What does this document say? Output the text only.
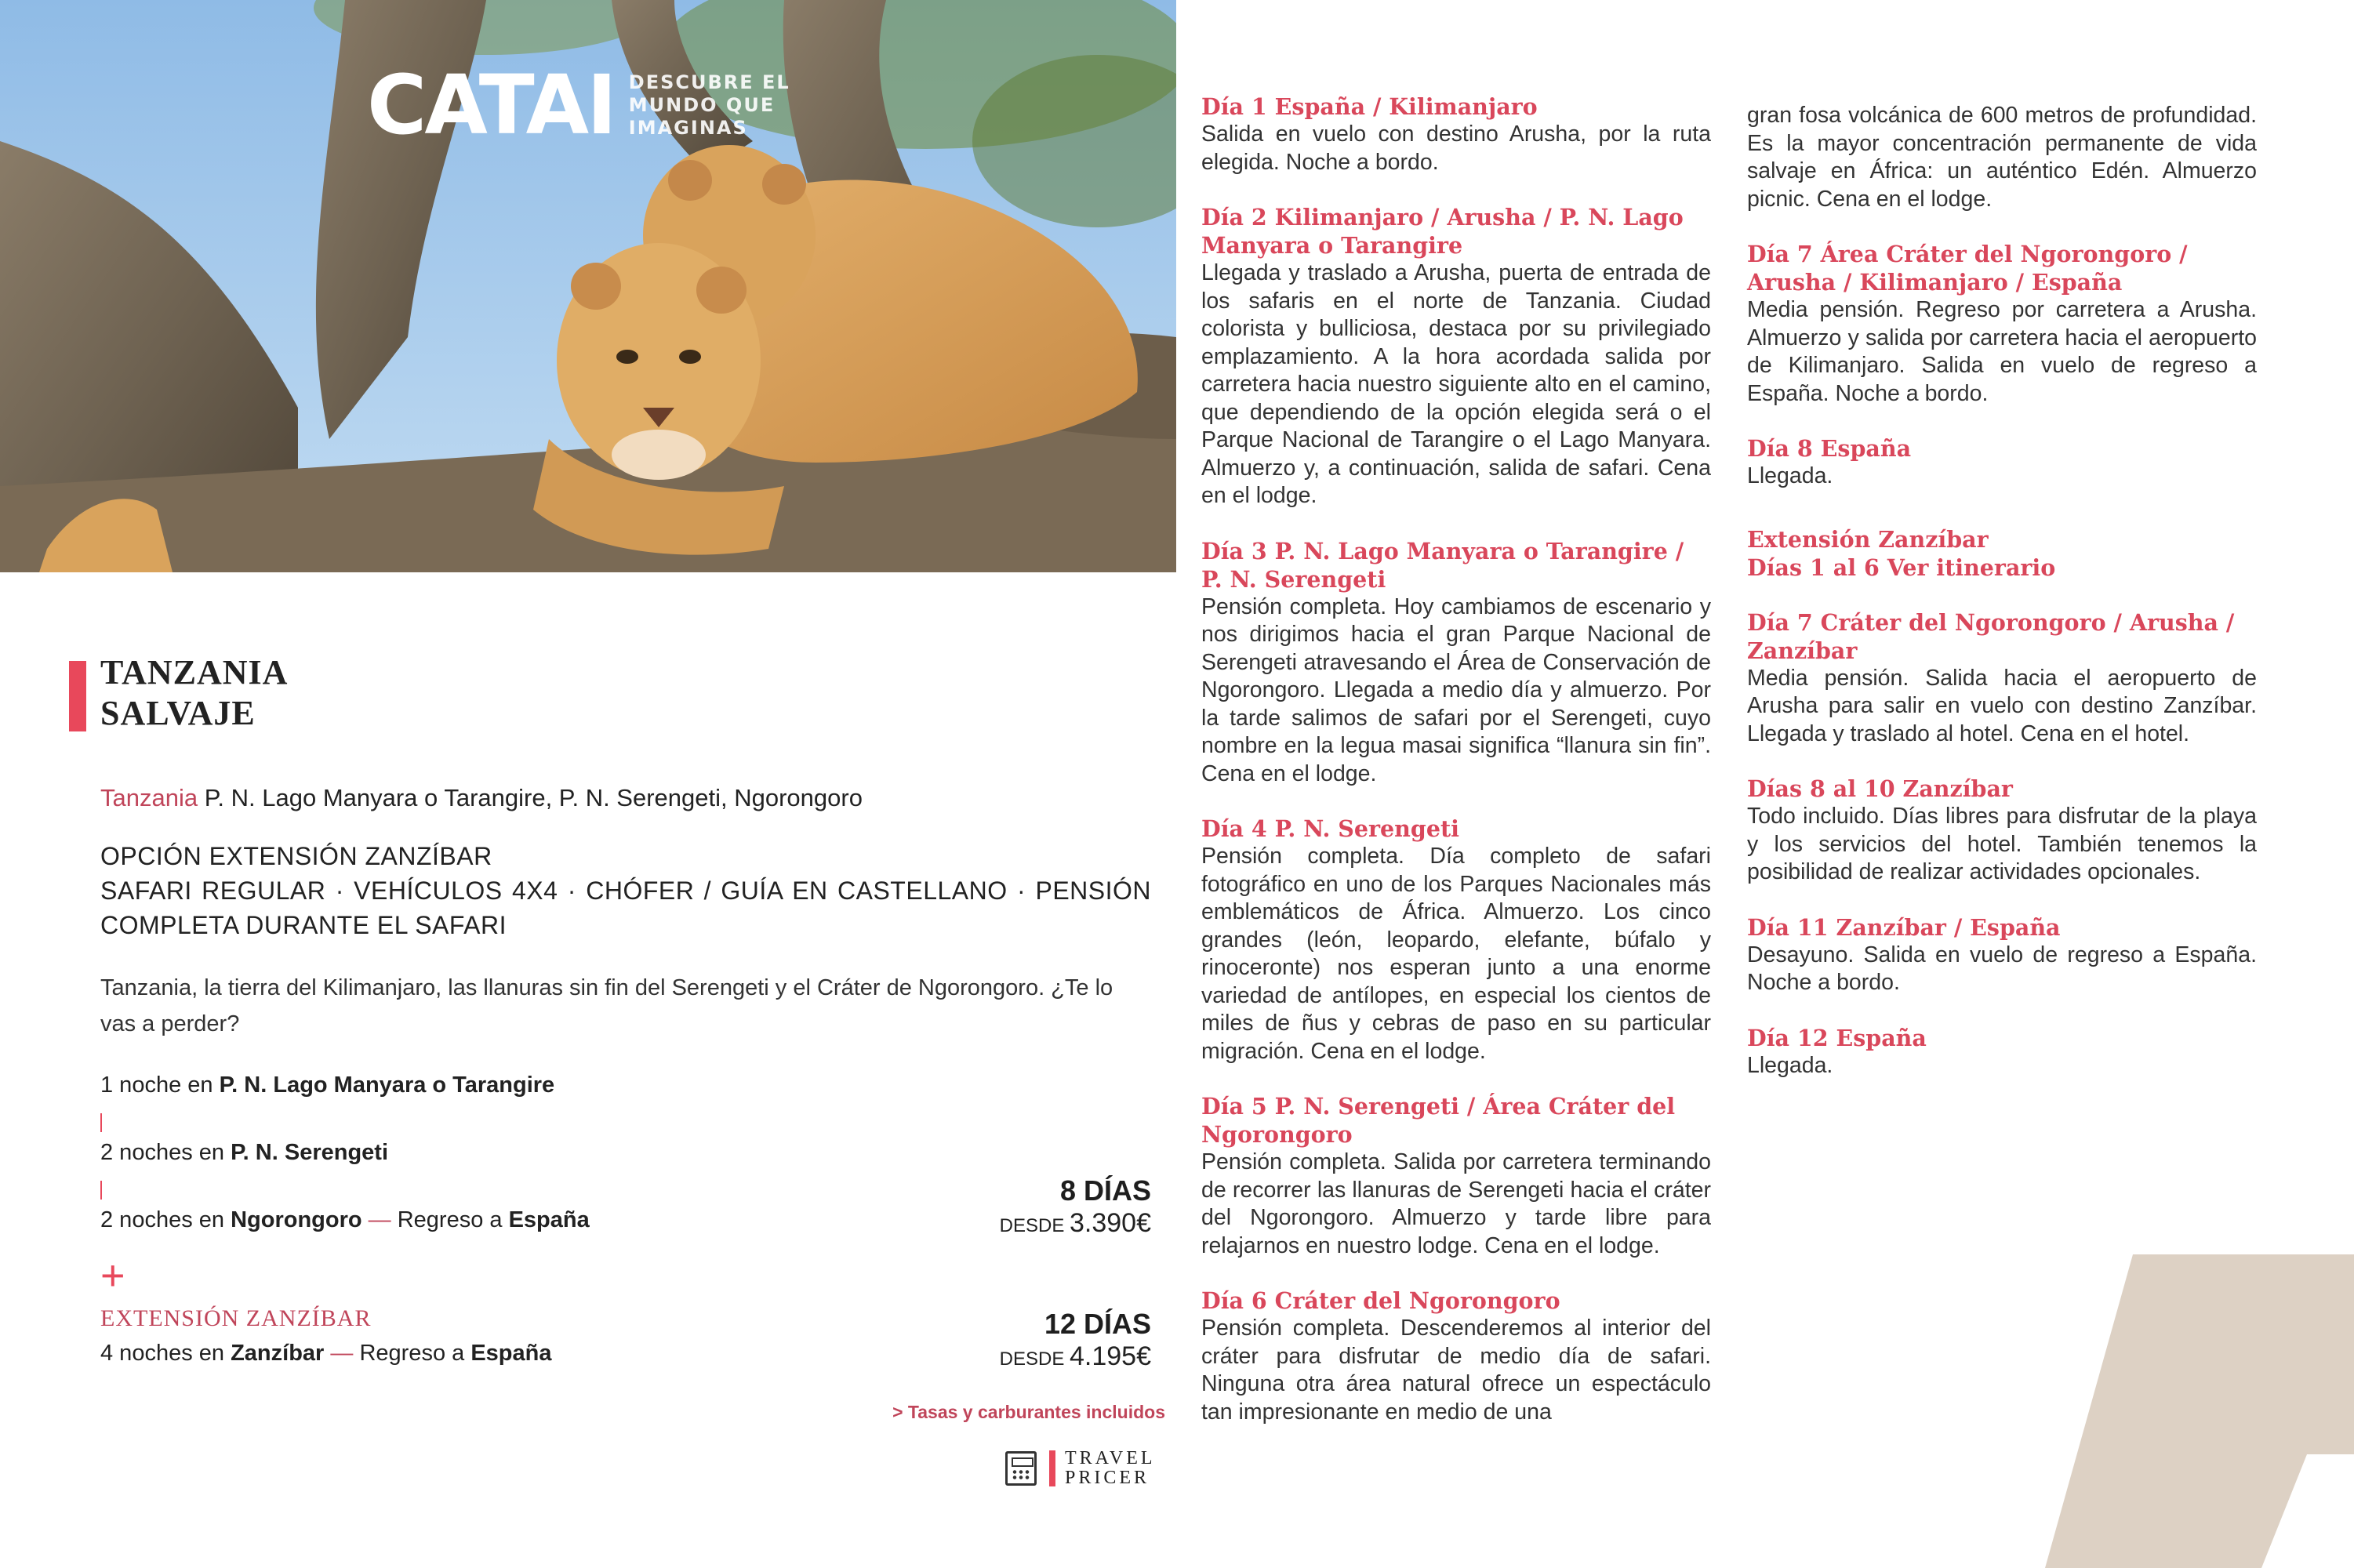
CATAI DESCUBRE EL
MUNDO QUE
IMAGINAS
TANZANIA
SALVAJE
Tanzania P. N. Lago Manyara o Tarangire, P. N. Serengeti, Ngorongoro
OPCIÓN EXTENSIÓN ZANZÍBAR
SAFARI REGULAR · VEHÍCULOS 4X4 · CHÓFER / GUÍA EN CASTELLANO · PENSIÓN COMPLETA DURANTE EL SAFARI

Tanzania, la tierra del Kilimanjaro, las llanuras sin fin del Serengeti y el Cráter de Ngorongoro. ¿Te lo vas a perder?

1 noche en P. N. Lago Manyara o Tarangire
2 noches en P. N. Serengeti
2 noches en Ngorongoro — Regreso a España
+
EXTENSIÓN ZANZÍBAR
4 noches en Zanzíbar — Regreso a España
8 DÍAS
DESDE 3.390€
12 DÍAS
DESDE 4.195€
> Tasas y carburantes incluidos
TRAVEL
PRICER
Día 1 España / Kilimanjaro
Salida en vuelo con destino Arusha, por la ruta elegida. Noche a bordo.
Día 2 Kilimanjaro / Arusha / P. N. Lago Manyara o Tarangire
Llegada y traslado a Arusha, puerta de entrada de los safaris en el norte de Tanzania. Ciudad colorista y bulliciosa, destaca por su privilegiado emplazamiento. A la hora acordada salida por carretera hacia nuestro siguiente alto en el camino, que dependiendo de la opción elegida será o el Parque Nacional de Tarangire o el Lago Manyara. Almuerzo y, a continuación, salida de safari. Cena en el lodge.
Día 3 P. N. Lago Manyara o Tarangire / P. N. Serengeti
Pensión completa. Hoy cambiamos de escenario y nos dirigimos hacia el gran Parque Nacional de Serengeti atravesando el Área de Conservación de Ngorongoro. Llegada a medio día y almuerzo. Por la tarde salimos de safari por el Serengeti, cuyo nombre en la legua masai significa “llanura sin fin”. Cena en el lodge.
Día 4 P. N. Serengeti
Pensión completa. Día completo de safari fotográfico en uno de los Parques Nacionales más emblemáticos de África. Almuerzo. Los cinco grandes (león, leopardo, elefante, búfalo y rinoceronte) nos esperan junto a una enorme variedad de antílopes, en especial los cientos de miles de ñus y cebras de paso en su particular migración. Cena en el lodge.
Día 5 P. N. Serengeti / Área Cráter del Ngorongoro
Pensión completa. Salida por carretera terminando de recorrer las llanuras de Serengeti hacia el cráter del Ngorongoro. Almuerzo y tarde libre para relajarnos en nuestro lodge. Cena en el lodge.
Día 6 Cráter del Ngorongoro
Pensión completa. Descenderemos al interior del cráter para disfrutar de medio día de safari. Ninguna otra área natural ofrece un espectáculo tan impresionante en medio de una
gran fosa volcánica de 600 metros de profundidad. Es la mayor concentración permanente de vida salvaje en África: un auténtico Edén. Almuerzo picnic. Cena en el lodge.
Día 7 Área Cráter del Ngorongoro / Arusha / Kilimanjaro / España
Media pensión. Regreso por carretera a Arusha. Almuerzo y salida por carretera hacia el aeropuerto de Kilimanjaro. Salida en vuelo de regreso a España. Noche a bordo.
Día 8 España
Llegada.
Extensión Zanzíbar
Días 1 al 6 Ver itinerario
Día 7 Cráter del Ngorongoro / Arusha / Zanzíbar
Media pensión. Salida hacia el aeropuerto de Arusha para salir en vuelo con destino Zanzíbar. Llegada y traslado al hotel. Cena en el hotel.
Días 8 al 10 Zanzíbar
Todo incluido. Días libres para disfrutar de la playa y los servicios del hotel. También tenemos la posibilidad de realizar actividades opcionales.
Día 11 Zanzíbar / España
Desayuno. Salida en vuelo de regreso a España. Noche a bordo.
Día 12 España
Llegada.
